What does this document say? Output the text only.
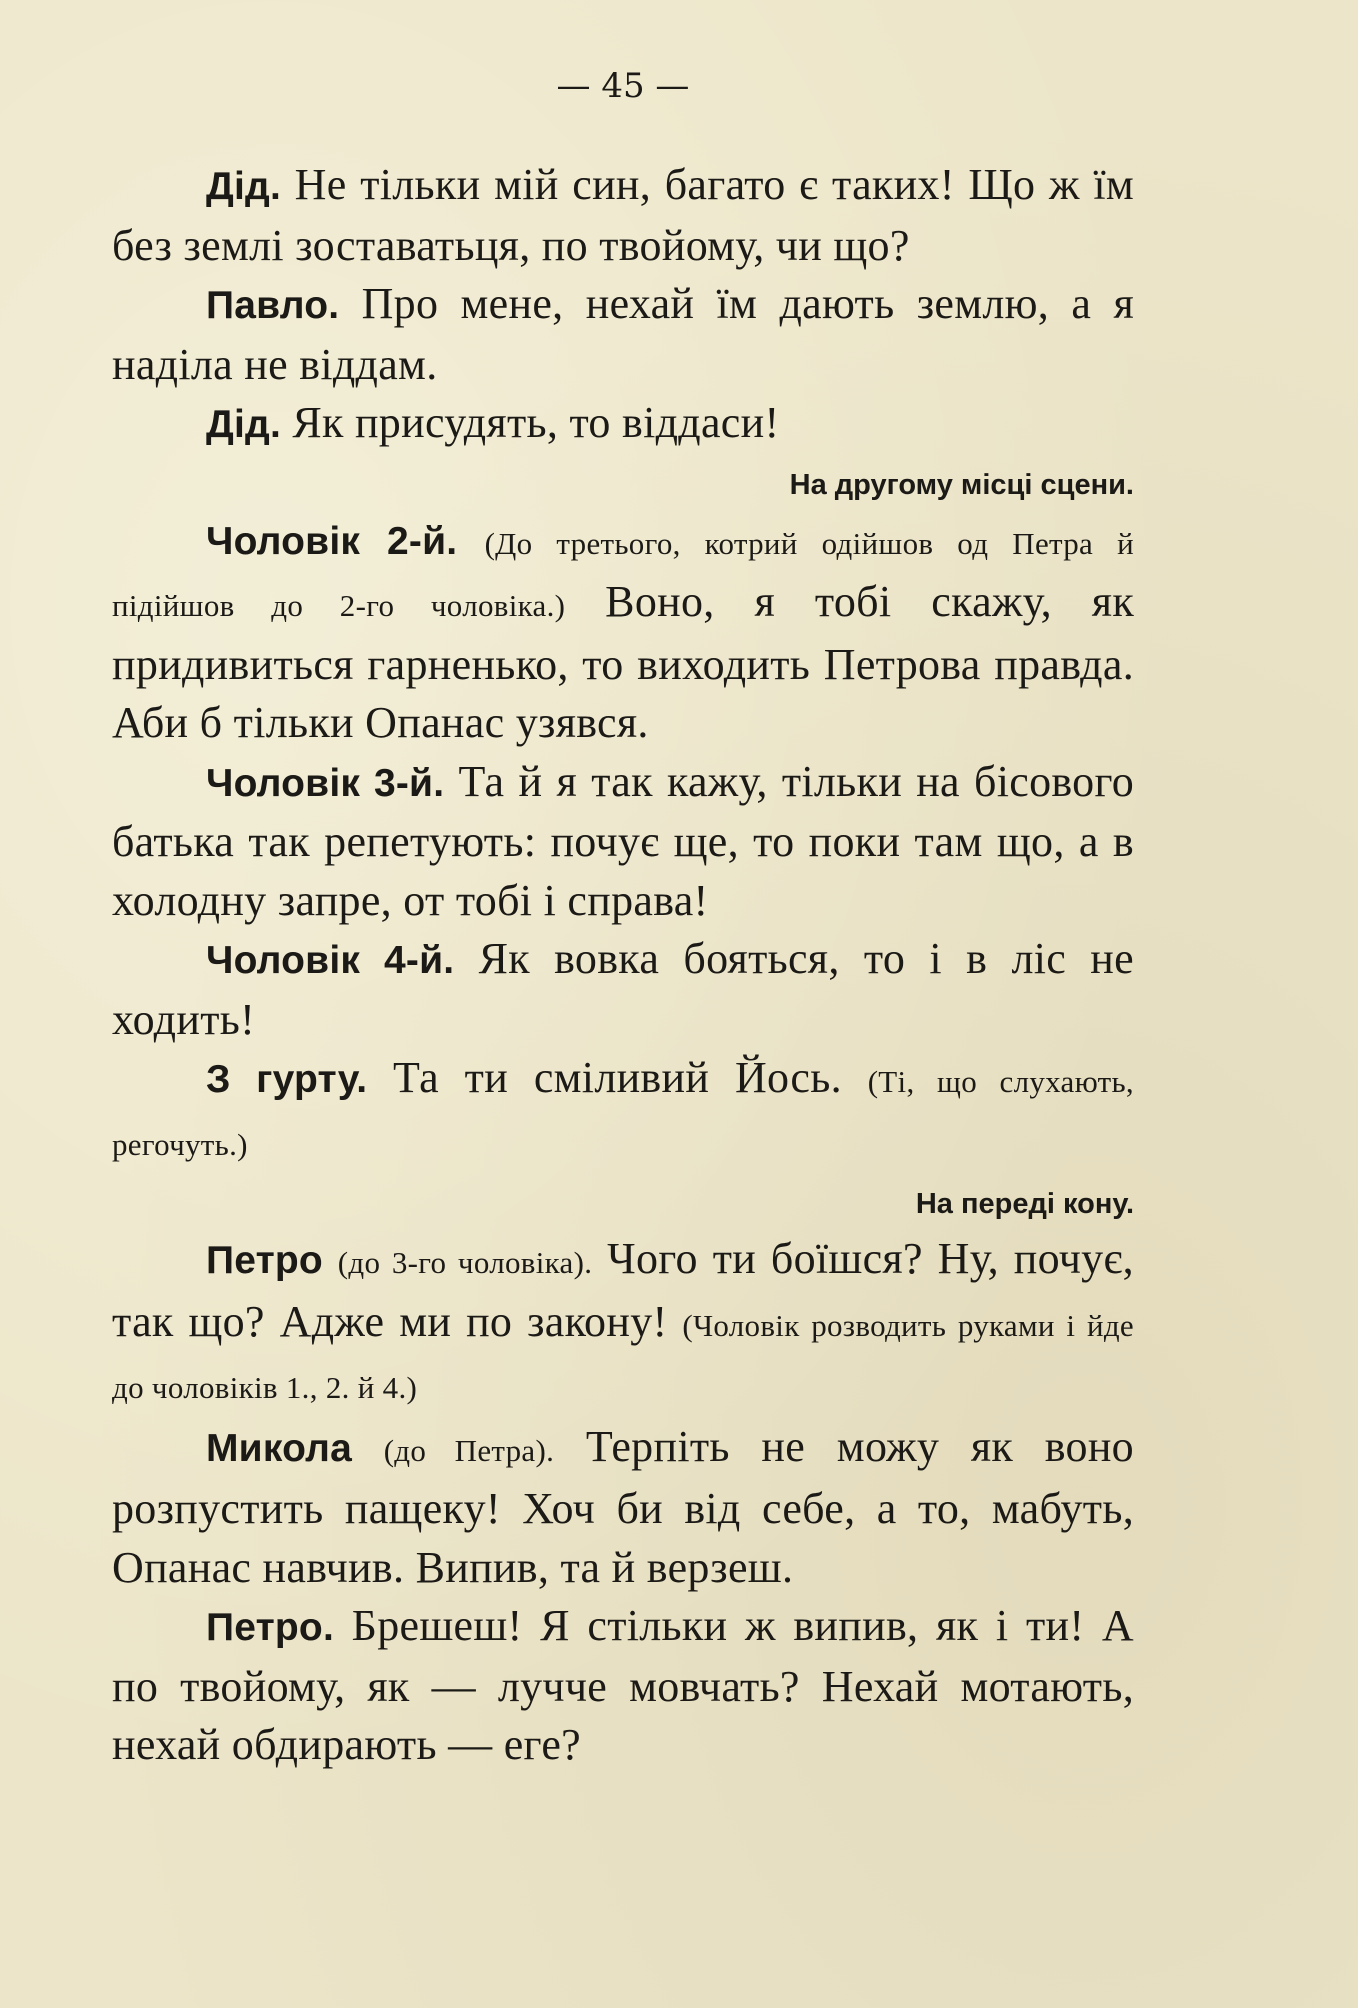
— 45 —

Дід. Не тільки мій син, багато є таких! Що ж їм без землі зоставатьця, по твойому, чи що?

Павло. Про мене, нехай їм дають землю, а я наділа не віддам.

Дід. Як присудять, то віддаси!

На другому місці сцени.

Чоловік 2-й. (До третього, котрий одійшов од Петра й підійшов до 2-го чоловіка.) Воно, я тобі скажу, як придивиться гарненько, то виходить Петрова правда. Аби б тільки Опанас узявся.

Чоловік 3-й. Та й я так кажу, тільки на бісового батька так репетують: почує ще, то поки там що, а в холодну запре, от тобі і справа!

Чоловік 4-й. Як вовка бояться, то і в ліс не ходить!

З гурту. Та ти сміливий Йось. (Ті, що слухають, регочуть.)

На переді кону.

Петро (до 3-го чоловіка). Чого ти боїшся? Ну, почує, так що? Адже ми по закону! (Чоловік розводить руками і йде до чоловіків 1., 2. й 4.)

Микола (до Петра). Терпіть не можу як воно розпустить пащеку! Хоч би від себе, а то, мабуть, Опанас навчив. Випив, та й верзеш.

Петро. Брешеш! Я стільки ж випив, як і ти! А по твойому, як — лучче мовчать? Нехай мотають, нехай обдирають — еге?
